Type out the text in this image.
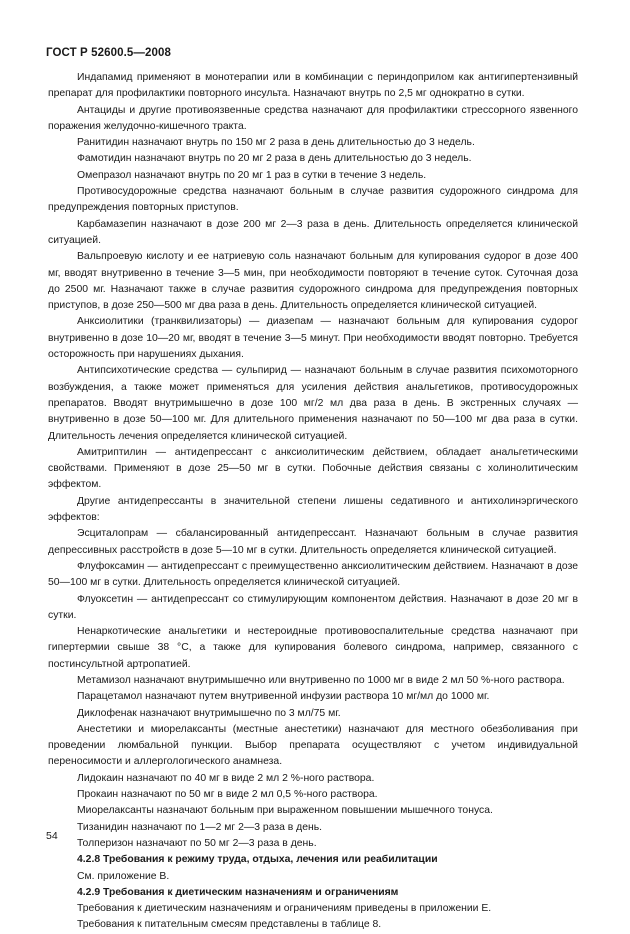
ГОСТ Р 52600.5—2008

Индапамид применяют в монотерапии или в комбинации с периндоприлом как антигипертензивный препарат для профилактики повторного инсульта. Назначают внутрь по 2,5 мг однократно в сутки.

Антациды и другие противоязвенные средства назначают для профилактики стрессорного язвенного поражения желудочно-кишечного тракта.

Ранитидин назначают внутрь по 150 мг 2 раза в день длительностью до 3 недель.

Фамотидин назначают внутрь по 20 мг 2 раза в день длительностью до 3 недель.

Омепразол назначают внутрь по 20 мг 1 раз в сутки в течение 3 недель.

Противосудорожные средства назначают больным в случае развития судорожного синдрома для предупреждения повторных приступов.

Карбамазепин назначают в дозе 200 мг 2—3 раза в день. Длительность определяется клинической ситуацией.

Вальпроевую кислоту и ее натриевую соль назначают больным для купирования судорог в дозе 400 мг, вводят внутривенно в течение 3—5 мин, при необходимости повторяют в течение суток. Суточная доза до 2500 мг. Назначают также в случае развития судорожного синдрома для предупреждения повторных приступов, в дозе 250—500 мг два раза в день. Длительность определяется клинической ситуацией.

Анксиолитики (транквилизаторы) — диазепам — назначают больным для купирования судорог внутривенно в дозе 10—20 мг, вводят в течение 3—5 минут. При необходимости вводят повторно. Требуется осторожность при нарушениях дыхания.

Антипсихотические средства — сульпирид — назначают больным в случае развития психомоторного возбуждения, а также может применяться для усиления действия анальгетиков, противосудорожных препаратов. Вводят внутримышечно в дозе 100 мг/2 мл два раза в день. В экстренных случаях — внутривенно в дозе 50—100 мг. Для длительного применения назначают по 50—100 мг два раза в сутки. Длительность лечения определяется клинической ситуацией.

Амитриптилин — антидепрессант с анксиолитическим действием, обладает анальгетическими свойствами. Применяют в дозе 25—50 мг в сутки. Побочные действия связаны с холинолитическим эффектом.

Другие антидепрессанты в значительной степени лишены седативного и антихолинэргического эффектов:

Эсциталопрам — сбалансированный антидепрессант. Назначают больным в случае развития депрессивных расстройств в дозе 5—10 мг в сутки. Длительность определяется клинической ситуацией.

Флуфоксамин — антидепрессант с преимущественно анксиолитическим действием. Назначают в дозе 50—100 мг в сутки. Длительность определяется клинической ситуацией.

Флуоксетин — антидепрессант со стимулирующим компонентом действия. Назначают в дозе 20 мг в сутки.

Ненаркотические анальгетики и нестероидные противовоспалительные средства назначают при гипертермии свыше 38 °С, а также для купирования болевого синдрома, например, связанного с постинсультной артропатией.

Метамизол назначают внутримышечно или внутривенно по 1000 мг в виде 2 мл 50 %-ного раствора.

Парацетамол назначают путем внутривенной инфузии раствора 10 мг/мл до 1000 мг.

Диклофенак назначают внутримышечно по 3 мл/75 мг.

Анестетики и миорелаксанты (местные анестетики) назначают для местного обезболивания при проведении люмбальной пункции. Выбор препарата осуществляют с учетом индивидуальной переносимости и аллергологического анамнеза.

Лидокаин назначают по 40 мг в виде 2 мл 2 %-ного раствора.

Прокаин назначают по 50 мг в виде 2 мл 0,5 %-ного раствора.

Миорелаксанты назначают больным при выраженном повышении мышечного тонуса.

Тизанидин назначают по 1—2 мг 2—3 раза в день.

Толперизон назначают по 50 мг 2—3 раза в день.

4.2.8 Требования к режиму труда, отдыха, лечения или реабилитации

См. приложение В.

4.2.9 Требования к диетическим назначениям и ограничениям

Требования к диетическим назначениям и ограничениям приведены в приложении Е.

Требования к питательным смесям представлены в таблице 8.

54
